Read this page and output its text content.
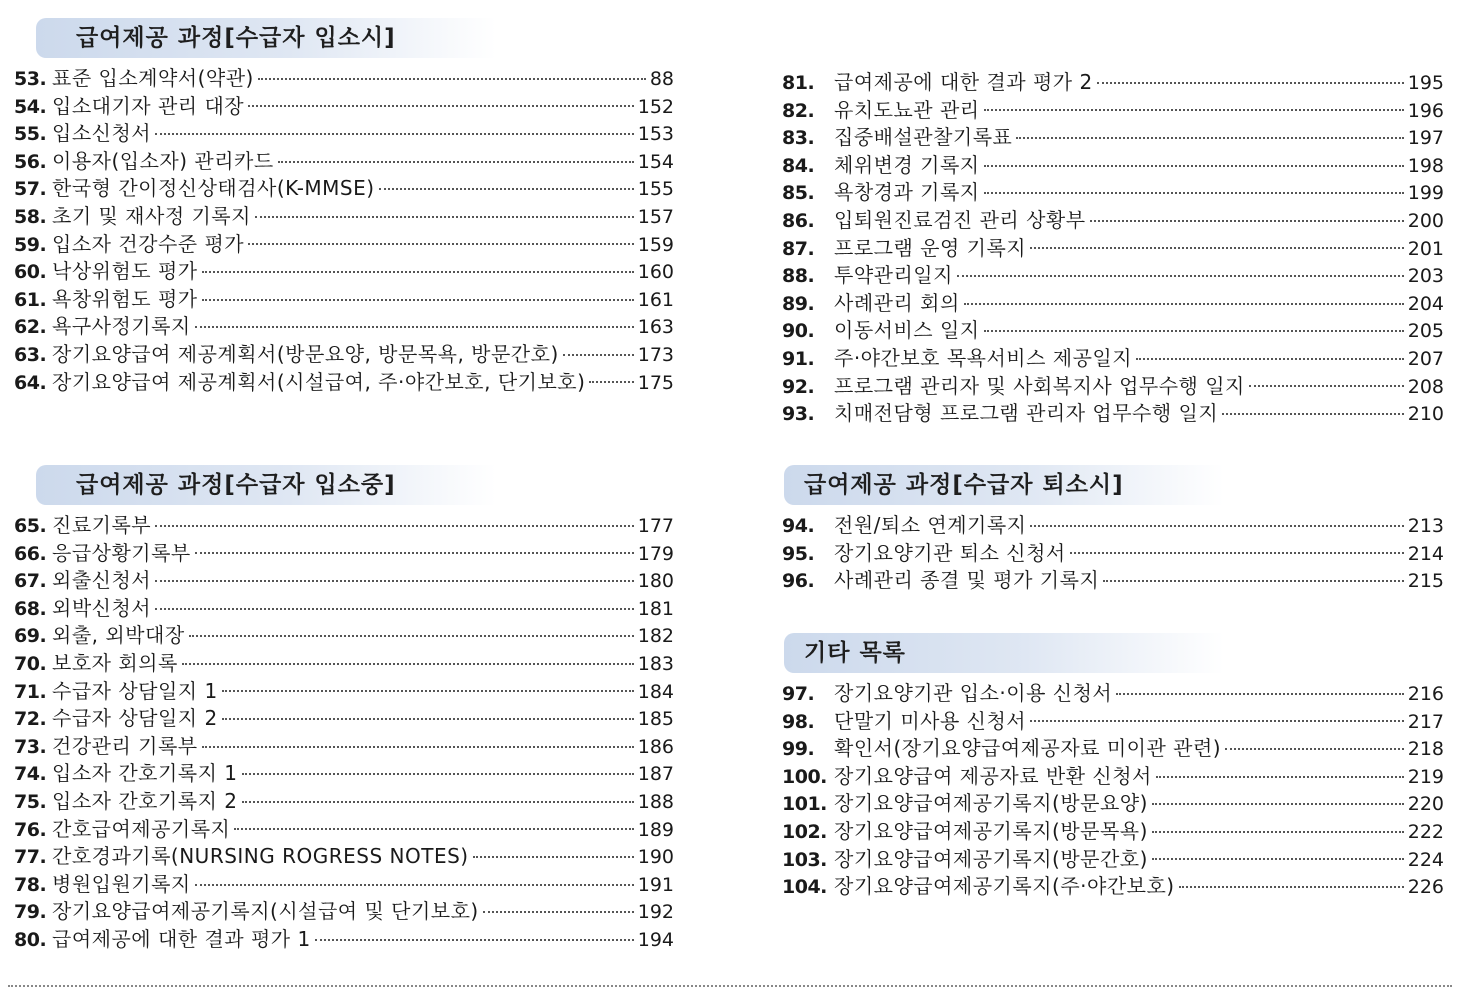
급여제공 과정[수급자 입소시]
53. 표준 입소계약서(약관)	88
54. 입소대기자 관리 대장	152
55. 입소신청서	153
56. 이용자(입소자) 관리카드	154
57. 한국형 간이정신상태검사(K-MMSE)	155
58. 초기 및 재사정 기록지	157
59. 입소자 건강수준 평가	159
60. 낙상위험도 평가	160
61. 욕창위험도 평가	161
62. 욕구사정기록지	163
63. 장기요양급여 제공계획서(방문요양, 방문목욕, 방문간호)	173
64. 장기요양급여 제공계획서(시설급여, 주·야간보호, 단기보호)	175
급여제공 과정[수급자 입소중]
65. 진료기록부	177
66. 응급상황기록부	179
67. 외출신청서	180
68. 외박신청서	181
69. 외출, 외박대장	182
70. 보호자 회의록	183
71. 수급자 상담일지 1	184
72. 수급자 상담일지 2	185
73. 건강관리 기록부	186
74. 입소자 간호기록지 1	187
75. 입소자 간호기록지 2	188
76. 간호급여제공기록지	189
77. 간호경과기록(NURSING ROGRESS NOTES)	190
78. 병원입원기록지	191
79. 장기요양급여제공기록지(시설급여 및 단기보호)	192
80. 급여제공에 대한 결과 평가 1	194
81. 급여제공에 대한 결과 평가 2	195
82. 유치도뇨관 관리	196
83. 집중배설관찰기록표	197
84. 체위변경 기록지	198
85. 욕창경과 기록지	199
86. 입퇴원진료검진 관리 상황부	200
87. 프로그램 운영 기록지	201
88. 투약관리일지	203
89. 사례관리 회의	204
90. 이동서비스 일지	205
91. 주·야간보호 목욕서비스 제공일지	207
92. 프로그램 관리자 및 사회복지사 업무수행 일지	208
93. 치매전담형 프로그램 관리자 업무수행 일지	210
급여제공 과정[수급자 퇴소시]
94. 전원/퇴소 연계기록지	213
95. 장기요양기관 퇴소 신청서	214
96. 사례관리 종결 및 평가 기록지	215
기타 목록
97. 장기요양기관 입소·이용 신청서	216
98. 단말기 미사용 신청서	217
99. 확인서(장기요양급여제공자료 미이관 관련)	218
100. 장기요양급여 제공자료 반환 신청서	219
101. 장기요양급여제공기록지(방문요양)	220
102. 장기요양급여제공기록지(방문목욕)	222
103. 장기요양급여제공기록지(방문간호)	224
104. 장기요양급여제공기록지(주·야간보호)	226
